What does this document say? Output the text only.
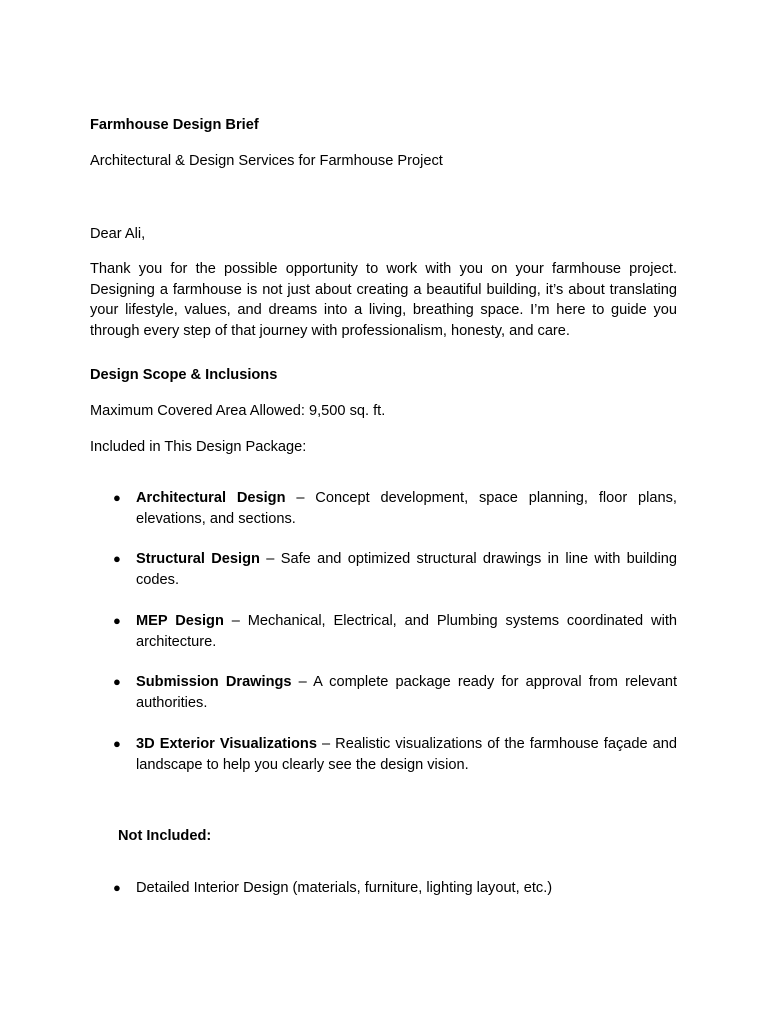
Farmhouse Design Brief
Architectural & Design Services for Farmhouse Project
Dear Ali,
Thank you for the possible opportunity to work with you on your farmhouse project. Designing a farmhouse is not just about creating a beautiful building, it’s about translating your lifestyle, values, and dreams into a living, breathing space. I’m here to guide you through every step of that journey with professionalism, honesty, and care.
Design Scope & Inclusions
Maximum Covered Area Allowed: 9,500 sq. ft.
Included in This Design Package:
● Architectural Design – Concept development, space planning, floor plans, elevations, and sections.
● Structural Design – Safe and optimized structural drawings in line with building codes.
● MEP Design – Mechanical, Electrical, and Plumbing systems coordinated with architecture.
● Submission Drawings – A complete package ready for approval from relevant authorities.
● 3D Exterior Visualizations – Realistic visualizations of the farmhouse façade and landscape to help you clearly see the design vision.
Not Included:
● Detailed Interior Design (materials, furniture, lighting layout, etc.)
